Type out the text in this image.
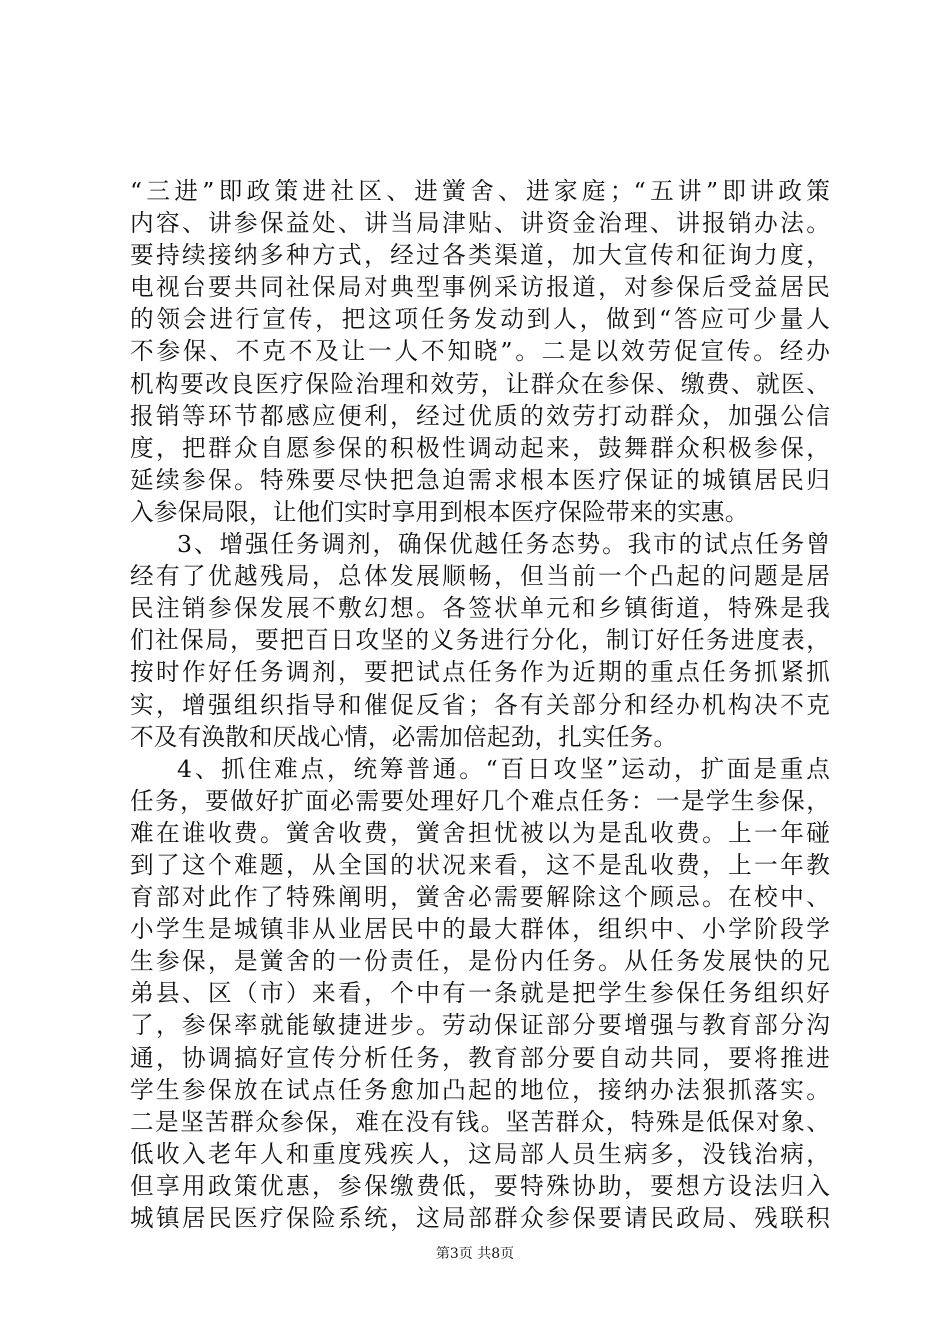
“三进”即政策进社区、进黉舍、进家庭；“五讲”即讲政策
内容、讲参保益处、讲当局津贴、讲资金治理、讲报销办法。
要持续接纳多种方式，经过各类渠道，加大宣传和征询力度，
电视台要共同社保局对典型事例采访报道，对参保后受益居民
的领会进行宣传，把这项任务发动到人，做到“答应可少量人
不参保、不克不及让一人不知晓”。二是以效劳促宣传。经办
机构要改良医疗保险治理和效劳，让群众在参保、缴费、就医、
报销等环节都感应便利，经过优质的效劳打动群众，加强公信
度，把群众自愿参保的积极性调动起来，鼓舞群众积极参保，
延续参保。特殊要尽快把急迫需求根本医疗保证的城镇居民归
入参保局限，让他们实时享用到根本医疗保险带来的实惠。
3、增强任务调剂，确保优越任务态势。我市的试点任务曾
经有了优越残局，总体发展顺畅，但当前一个凸起的问题是居
民注销参保发展不敷幻想。各签状单元和乡镇街道，特殊是我
们社保局，要把百日攻坚的义务进行分化，制订好任务进度表，
按时作好任务调剂，要把试点任务作为近期的重点任务抓紧抓
实，增强组织指导和催促反省；各有关部分和经办机构决不克
不及有涣散和厌战心情，必需加倍起劲，扎实任务。
4、抓住难点，统筹普通。“百日攻坚”运动，扩面是重点
任务，要做好扩面必需要处理好几个难点任务：一是学生参保，
难在谁收费。黉舍收费，黉舍担忧被以为是乱收费。上一年碰
到了这个难题，从全国的状况来看，这不是乱收费，上一年教
育部对此作了特殊阐明，黉舍必需要解除这个顾忌。在校中、
小学生是城镇非从业居民中的最大群体，组织中、小学阶段学
生参保，是黉舍的一份责任，是份内任务。从任务发展快的兄
弟县、区（市）来看，个中有一条就是把学生参保任务组织好
了，参保率就能敏捷进步。劳动保证部分要增强与教育部分沟
通，协调搞好宣传分析任务，教育部分要自动共同，要将推进
学生参保放在试点任务愈加凸起的地位，接纳办法狠抓落实。
二是坚苦群众参保，难在没有钱。坚苦群众，特殊是低保对象、
低收入老年人和重度残疾人，这局部人员生病多，没钱治病，
但享用政策优惠，参保缴费低，要特殊协助，要想方设法归入
城镇居民医疗保险系统，这局部群众参保要请民政局、残联积
第3页 共8页
